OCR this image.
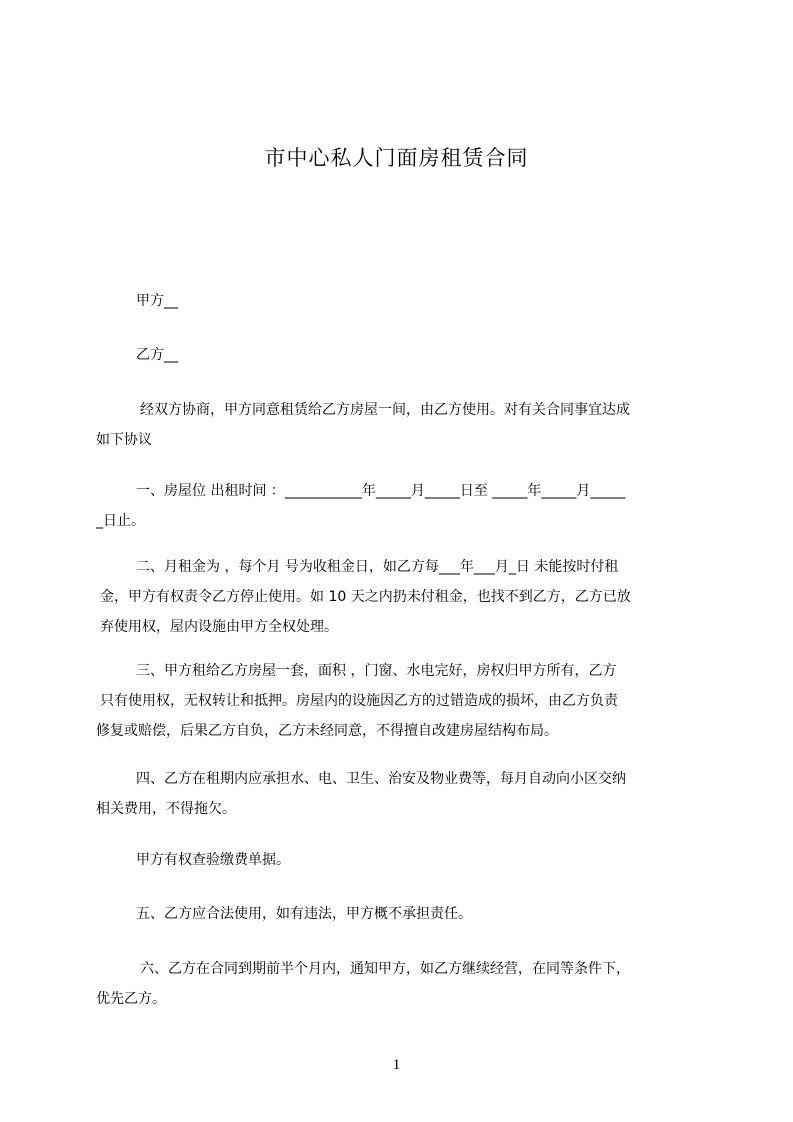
市中心私人门面房租赁合同
甲方__
乙方__
经双方协商，甲方同意租赁给乙方房屋一间，由乙方使用。对有关合同事宜达成
如下协议
一、房屋位 出租时间 ：___________年_____月_____日至 _____年_____月_____
_日止。
二、月租金为 ，每个月 号为收租金日，如乙方每___年___月_日 未能按时付租
金，甲方有权责令乙方停止使用。如 10 天之内扔未付租金，也找不到乙方，乙方已放
弃使用权，屋内设施由甲方全权处理。
三、甲方租给乙方房屋一套，面积 ，门窗、水电完好，房权归甲方所有，乙方
只有使用权，无权转让和抵押。房屋内的设施因乙方的过错造成的损坏，由乙方负责
修复或赔偿，后果乙方自负，乙方未经同意，不得擅自改建房屋结构布局。
四、乙方在租期内应承担水、电、卫生、治安及物业费等，每月自动向小区交纳
相关费用，不得拖欠。
甲方有权查验缴费单据。
五、乙方应合法使用，如有违法，甲方概不承担责任。
六、乙方在合同到期前半个月内，通知甲方，如乙方继续经营，在同等条件下，
优先乙方。
1
